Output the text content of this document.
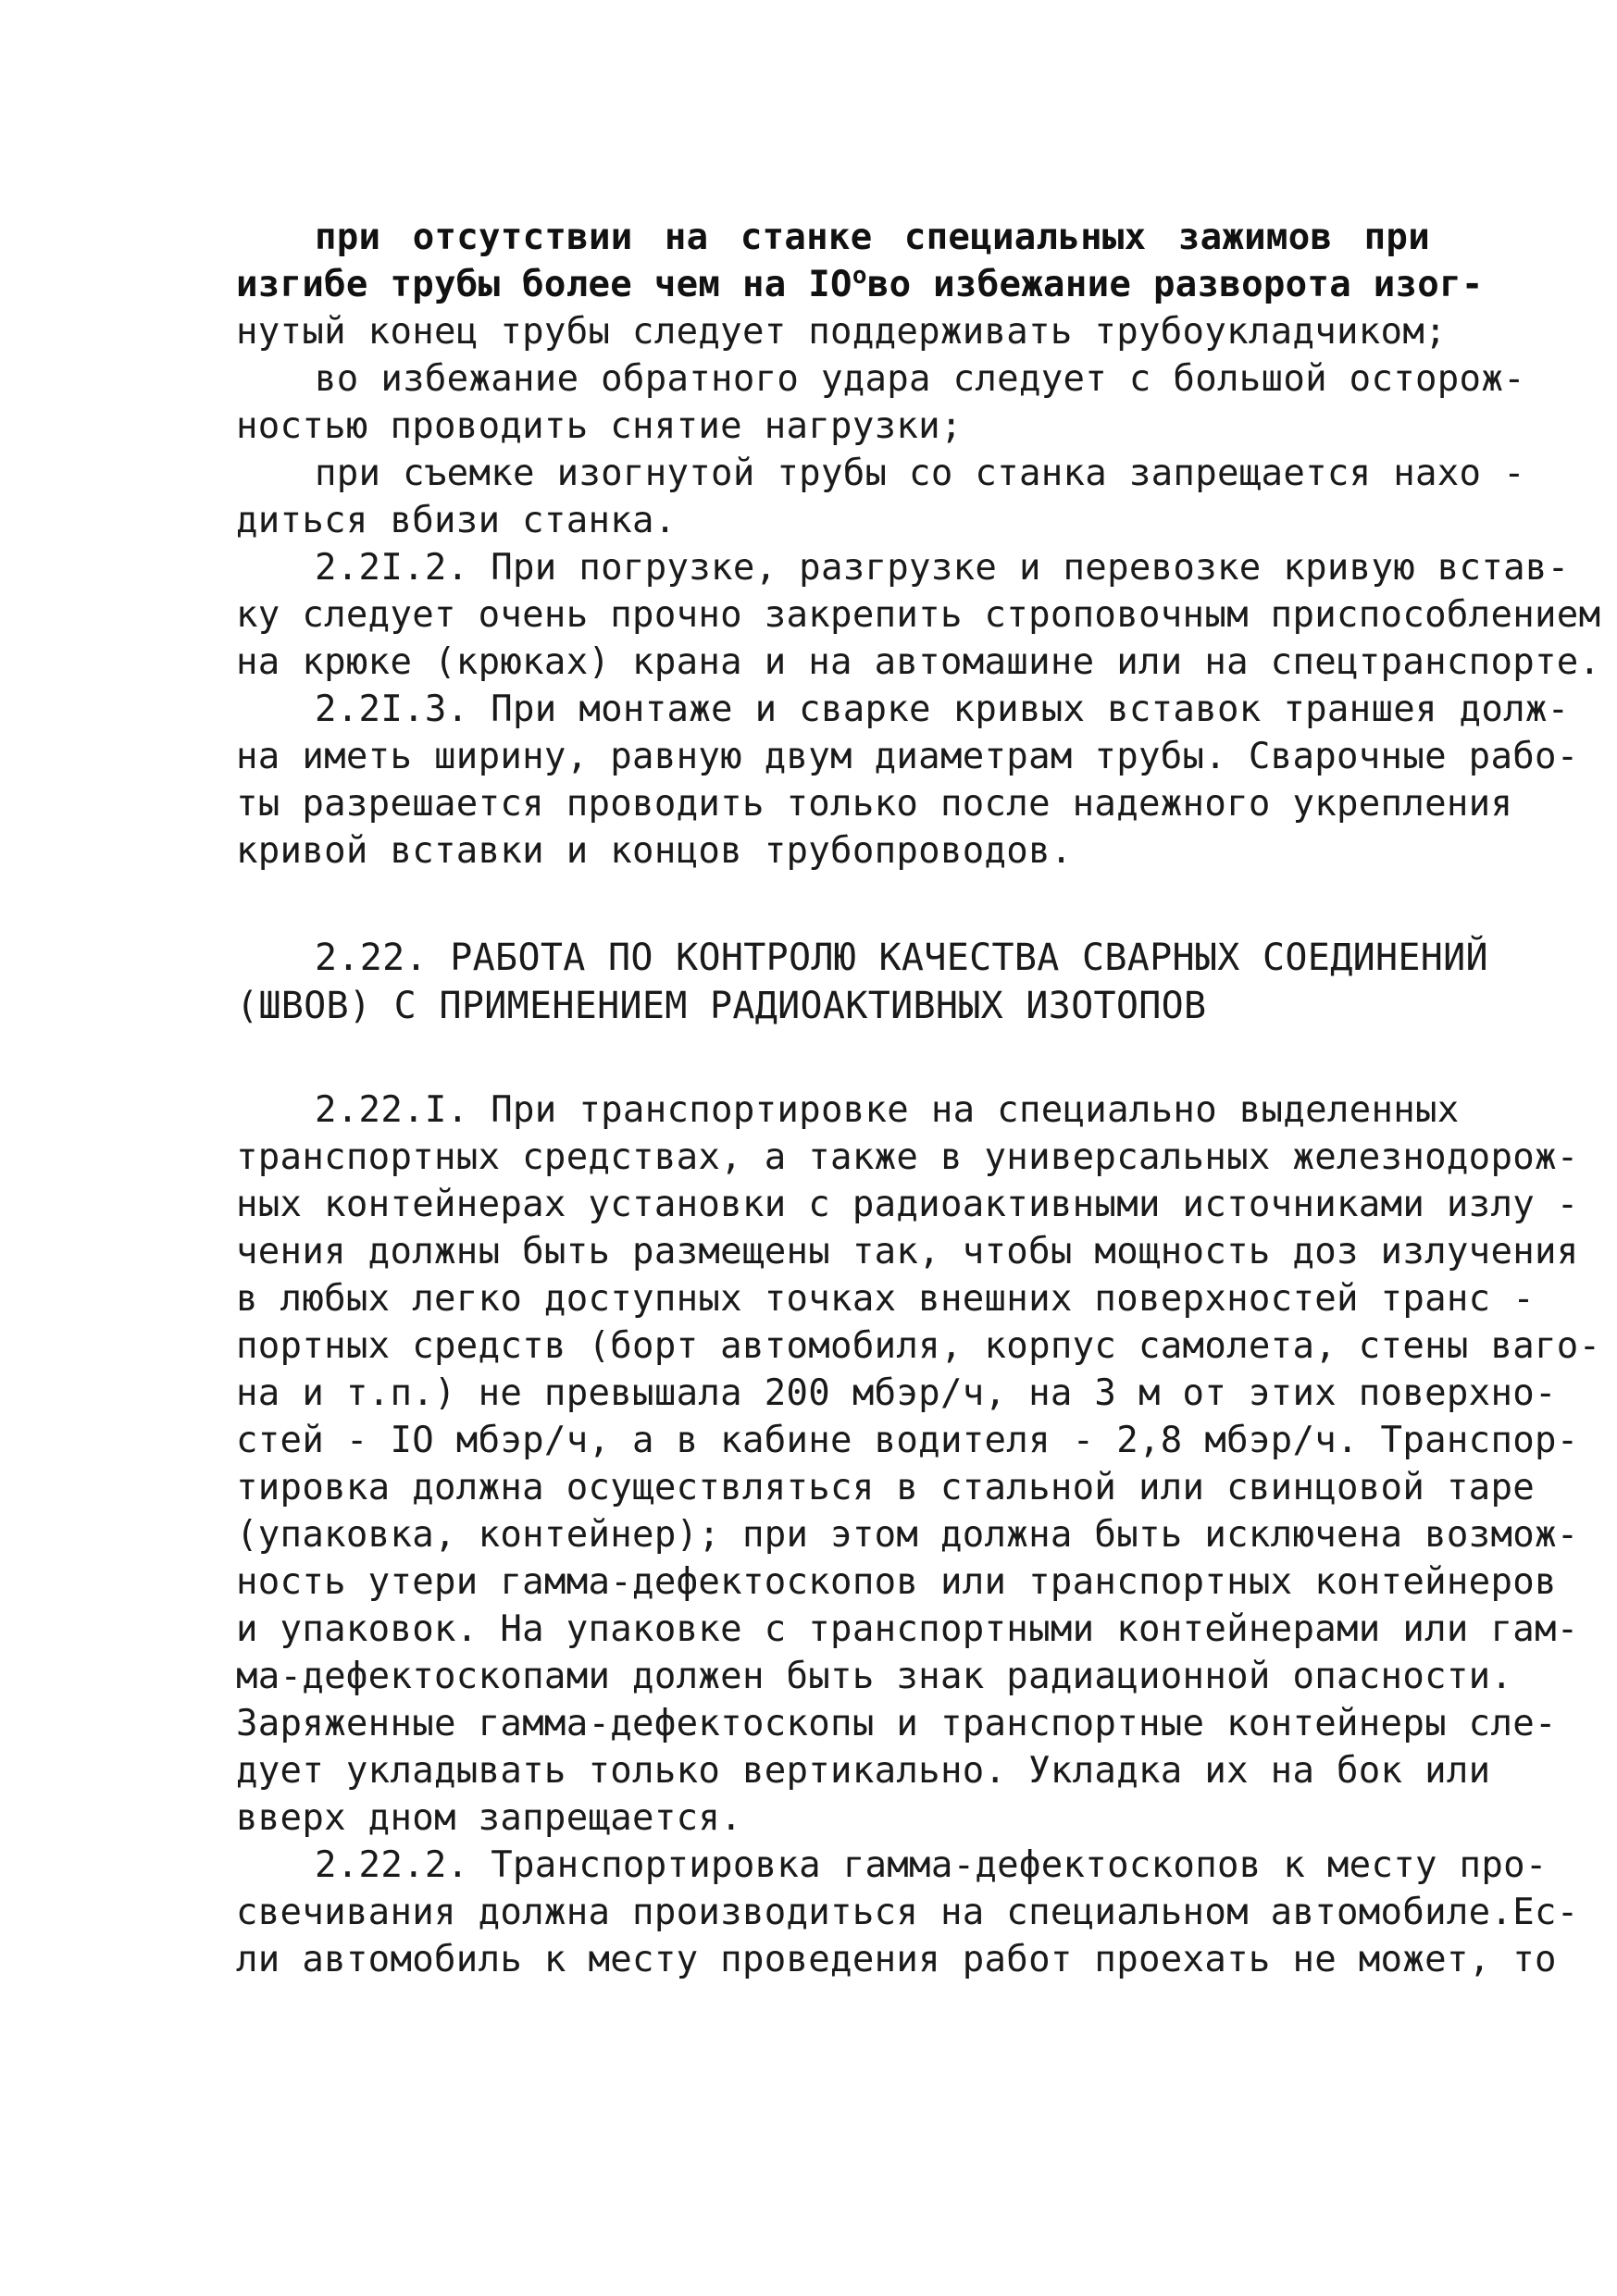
при отсутствии на станке специальных зажимов при
изгибе трубы более чем на $IO^o$ во избежание разворота изог-
нутый конец трубы следует поддерживать трубоукладчиком;
во избежание обратного удара следует с большой осторож-
ностью проводить снятие нагрузки;
при съемке изогнутой трубы со станка запрещается нахо -
диться вбизи станка.
2.2I.2. При погрузке, разгрузке и перевозке кривую встав-
ку следует очень прочно закрепить строповочным приспособлением
на крюке (крюках) крана и на автомашине или на спецтранспорте.
2.2I.3. При монтаже и сварке кривых вставок траншея долж-
на иметь ширину, равную двум диаметрам трубы. Сварочные рабо-
ты разрешается проводить только после надежного укрепления
кривой вставки и концов трубопроводов.
2.22. РАБОТА ПО КОНТРОЛЮ КАЧЕСТВА СВАРНЫХ СОЕДИНЕНИЙ
(ШВОВ) С ПРИМЕНЕНИЕМ РАДИОАКТИВНЫХ ИЗОТОПОВ
2.22.I. При транспортировке на специально выделенных
транспортных средствах, а также в универсальных железнодорож-
ных контейнерах установки с радиоактивными источниками излу -
чения должны быть размещены так, чтобы мощность доз излучения
в любых легко доступных точках внешних поверхностей транс -
портных средств (борт автомобиля, корпус самолета, стены ваго-
на и т.п.) не превышала 200 мбэр/ч, на 3 м от этих поверхно-
стей - IO мбэр/ч, а в кабине водителя - 2,8 мбэр/ч. Транспор-
тировка должна осуществляться в стальной или свинцовой таре
(упаковка, контейнер); при этом должна быть исключена возмож-
ность утери гамма-дефектоскопов или транспортных контейнеров
и упаковок. На упаковке с транспортными контейнерами или гам-
ма-дефектоскопами должен быть знак радиационной опасности.
Заряженные гамма-дефектоскопы и транспортные контейнеры сле-
дует укладывать только вертикально. Укладка их на бок или
вверх дном запрещается.
2.22.2. Транспортировка гамма-дефектоскопов к месту про-
свечивания должна производиться на специальном автомобиле.Ес-
ли автомобиль к месту проведения работ проехать не может, то
